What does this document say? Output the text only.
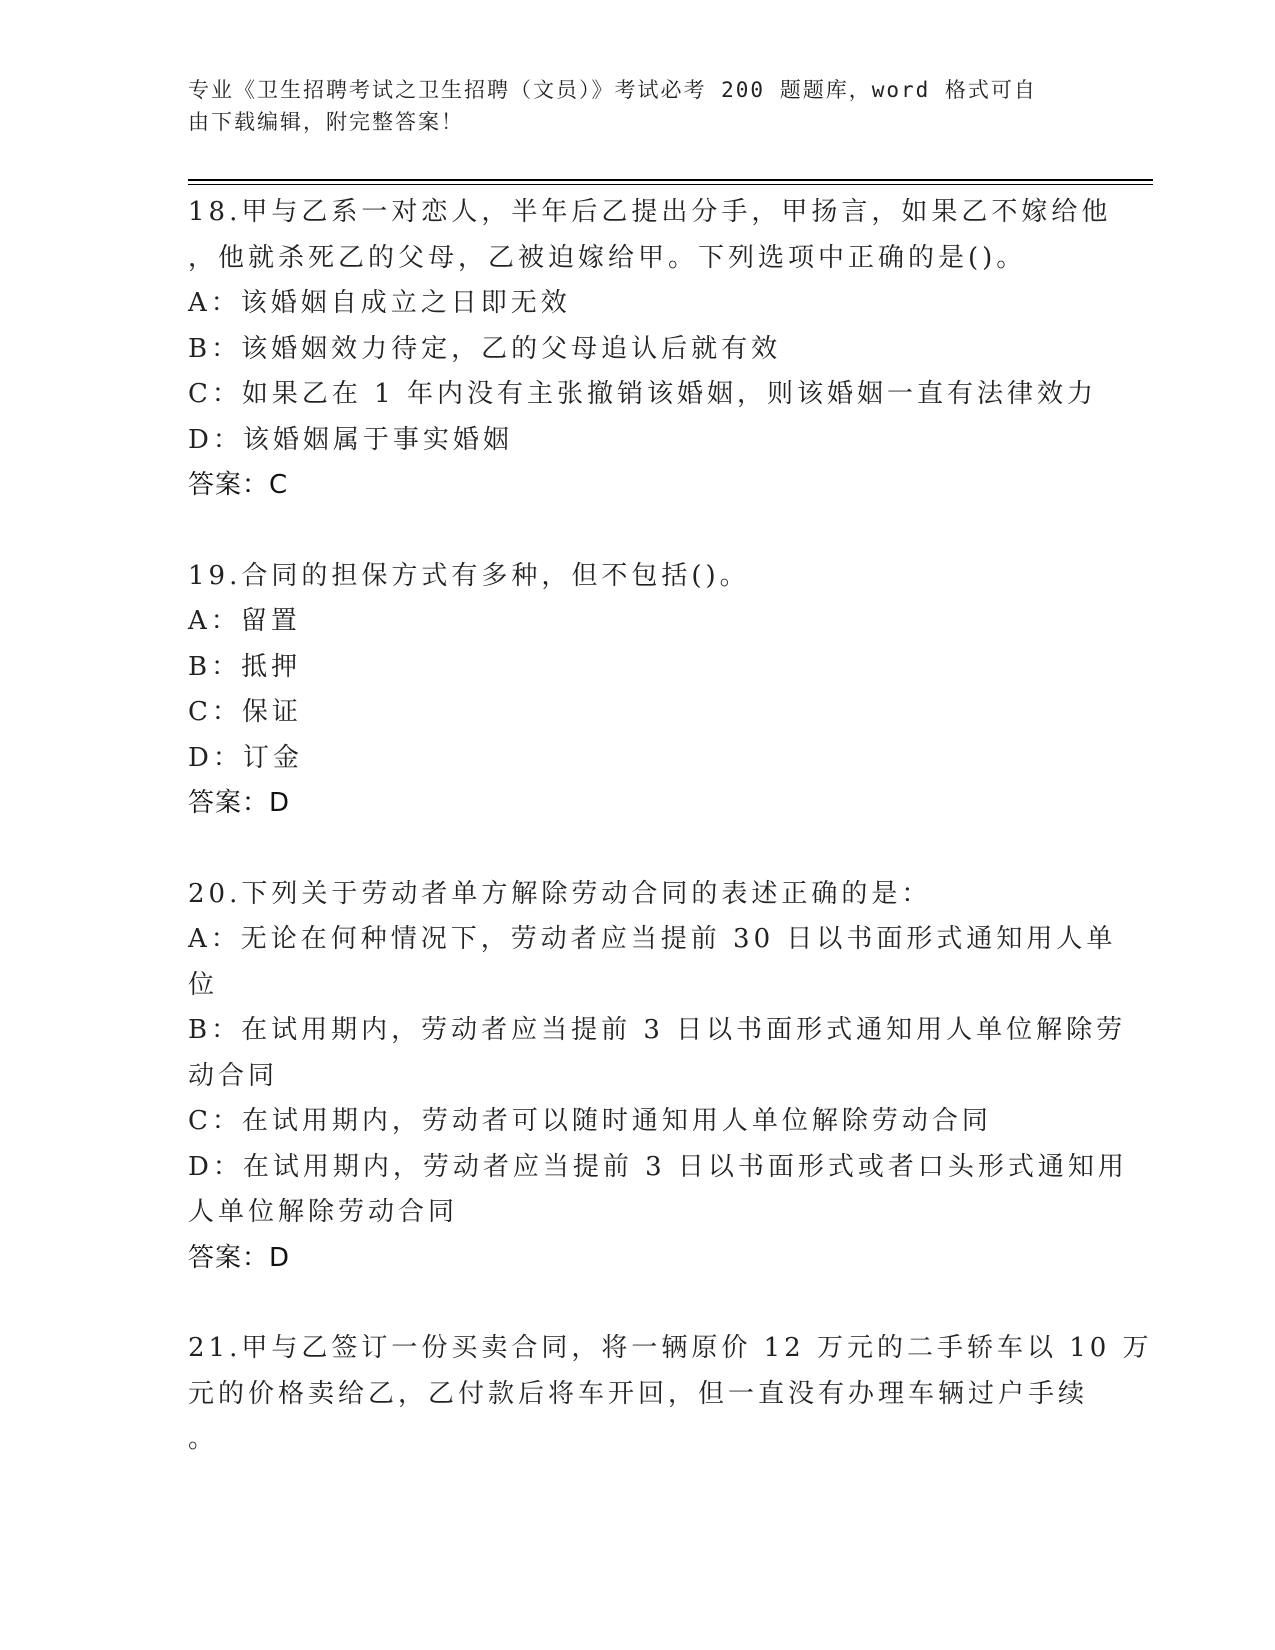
专业《卫生招聘考试之卫生招聘（文员）》考试必考 200 题题库，word 格式可自
由下载编辑，附完整答案！
18.甲与乙系一对恋人，半年后乙提出分手，甲扬言，如果乙不嫁给他
，他就杀死乙的父母，乙被迫嫁给甲。下列选项中正确的是()。
A：该婚姻自成立之日即无效
B：该婚姻效力待定，乙的父母追认后就有效
C：如果乙在 1 年内没有主张撤销该婚姻，则该婚姻一直有法律效力
D：该婚姻属于事实婚姻
答案：C
19.合同的担保方式有多种，但不包括()。
A：留置
B：抵押
C：保证
D：订金
答案：D
20.下列关于劳动者单方解除劳动合同的表述正确的是：
A：无论在何种情况下，劳动者应当提前 30 日以书面形式通知用人单
位
B：在试用期内，劳动者应当提前 3 日以书面形式通知用人单位解除劳
动合同
C：在试用期内，劳动者可以随时通知用人单位解除劳动合同
D：在试用期内，劳动者应当提前 3 日以书面形式或者口头形式通知用
人单位解除劳动合同
答案：D
21.甲与乙签订一份买卖合同，将一辆原价 12 万元的二手轿车以 10 万
元的价格卖给乙，乙付款后将车开回，但一直没有办理车辆过户手续
。
